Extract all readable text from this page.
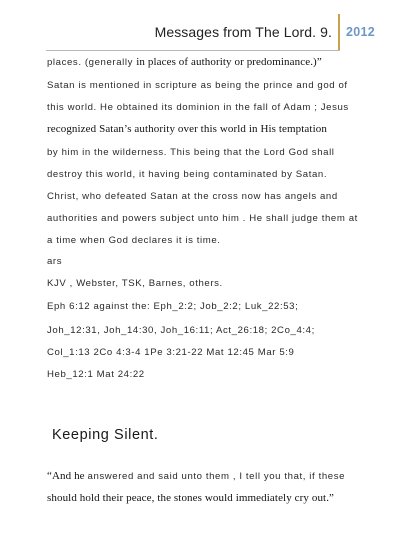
Messages from The Lord. 9. 2012
places. (generally in places of authority or predominance.)”
Satan is mentioned in scripture as being the prince and god of
this world. He obtained its dominion in the fall of Adam ; Jesus
recognized Satan’s authority over this world in His temptation
by him in the wilderness. This being that the Lord God shall
destroy this world, it having being contaminated by Satan.
Christ, who defeated Satan at the cross now has angels and
authorities and powers subject unto him . He shall judge them at
a time when God declares it is time.
ars
KJV , Webster, TSK, Barnes, others.
Eph 6:12 against the: Eph_2:2; Job_2:2; Luk_22:53;
Joh_12:31, Joh_14:30, Joh_16:11; Act_26:18; 2Co_4:4;
Col_1:13 2Co 4:3-4 1Pe 3:21-22 Mat 12:45 Mar 5:9
Heb_12:1 Mat 24:22
Keeping Silent.
“And he answered and said unto them , I tell you that, if these
should hold their peace, the stones would immediately cry out.”
